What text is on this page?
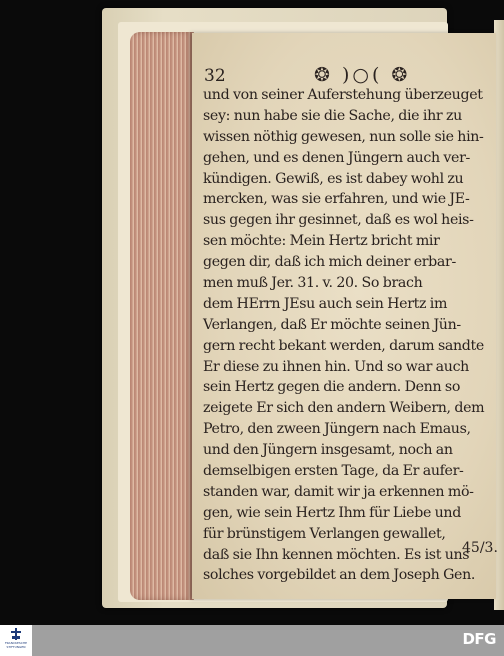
32	❂ )○( ❂
und von seiner Auferstehung überzeuget
sey: nun habe sie die Sache, die ihr zu
wissen nöthig gewesen, nun solle sie hin-
gehen, und es denen Jüngern auch ver-
kündigen. Gewiß, es ist dabey wohl zu
mercken, was sie erfahren, und wie JE-
sus gegen ihr gesinnet, daß es wol heis-
sen möchte: Mein Hertz bricht mir
gegen dir, daß ich mich deiner erbar-
men muß Jer. 31. v. 20. So brach
dem HErrn JEsu auch sein Hertz im
Verlangen, daß Er möchte seinen Jün-
gern recht bekant werden, darum sandte
Er diese zu ihnen hin. Und so war auch
sein Hertz gegen die andern. Denn so
zeigete Er sich den andern Weibern, dem
Petro, den zween Jüngern nach Emaus,
und den Jüngern insgesamt, noch an
demselbigen ersten Tage, da Er aufer-
standen war, damit wir ja erkennen mö-
gen, wie sein Hertz Ihm für Liebe und
für brünstigem Verlangen gewallet,
daß sie Ihn kennen möchten. Es ist uns
solches vorgebildet an dem Joseph Gen.
45/3.
FRANCKESCHE STIFTUNGEN	DFG
